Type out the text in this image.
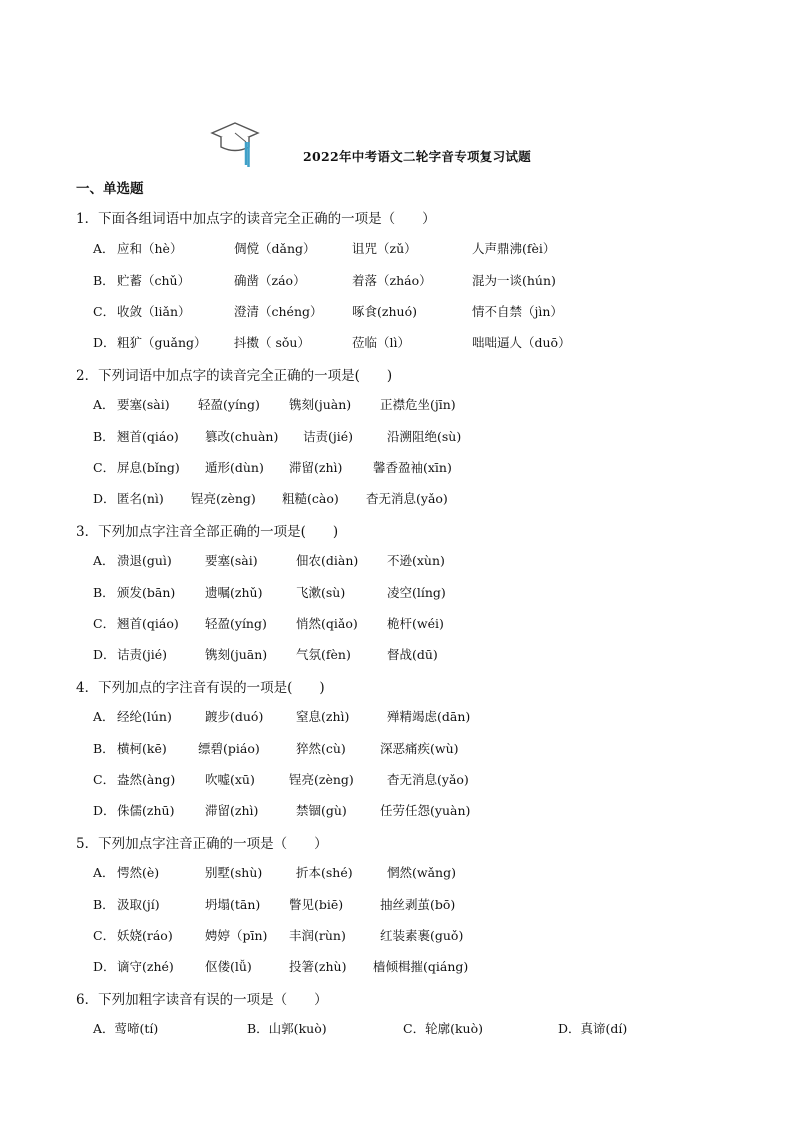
2022年中考语文二轮字音专项复习试题
一、单选题
1．下面各组词语中加点字的读音完全正确的一项是（　　）
A． 应和（hè）	倜傥（dǎng）	诅咒（zǔ）	人声鼎沸(fèi）
B． 贮蓄（chǔ）	确凿（záo）	着落（zháo）	混为一谈(hún)
C． 收敛（liǎn）	澄清（chéng） 啄食(zhuó)	情不自禁（jìn）
D． 粗犷（guǎng） 抖擞（ sǒu）	莅临（lì）	咄咄逼人（duō）
2．下列词语中加点字的读音完全正确的一项是(　　)
A． 要塞(sài) 轻盈(yíng) 镌刻(juàn) 正襟危坐(jīn)
B． 翘首(qiáo) 篡改(chuàn) 诘责(jié)	沿溯阻绝(sù)
C． 屏息(bǐng) 遁形(dùn) 滞留(zhì) 馨香盈袖(xīn)
D． 匿名(nì) 锃亮(zèng) 粗糙(cào) 杳无消息(yǎo)
3．下列加点字注音全部正确的一项是(　　)
A． 溃退(guì)	要塞(sài)	佃农(diàn) 不逊(xùn)
B． 颁发(bān) 遗嘱(zhǔ)	飞漱(sù)	凌空(líng)
C． 翘首(qiáo) 轻盈(yíng) 悄然(qiǎo) 桅杆(wéi)
D． 诘责(jié)	镌刻(juān) 气氛(fèn)	督战(dū)
4．下列加点的字注音有误的一项是(　　)
A． 经纶(lún)	踱步(duó)	窒息(zhì)	殚精竭虑(dān)
B． 横柯(kē)	缥碧(piáo)	猝然(cù)	深恶痛疾(wù)
C． 盎然(àng) 吹嘘(xū)	锃亮(zèng)	杳无消息(yǎo)
D． 侏儒(zhū) 滞留(zhì)	禁锢(gù)	任劳任怨(yuàn)
5．下列加点字注音正确的一项是（　　）
A． 愕然(è)	别墅(shù)	折本(shé)	惘然(wǎng)
B． 汲取(jí)	坍塌(tān) 瞥见(biē)	抽丝剥茧(bō)
C． 妖娆(ráo)	娉婷（pīn) 丰润(rùn)	红装素裹(guǒ)
D． 谪守(zhé) 伛偻(lǚ)	投箸(zhù) 樯倾楫摧(qiáng)
6．下列加粗字读音有误的一项是（　　）
A．莺啼(tí)	B．山郭(kuò)	C．轮廓(kuò)	D．真谛(dí)
